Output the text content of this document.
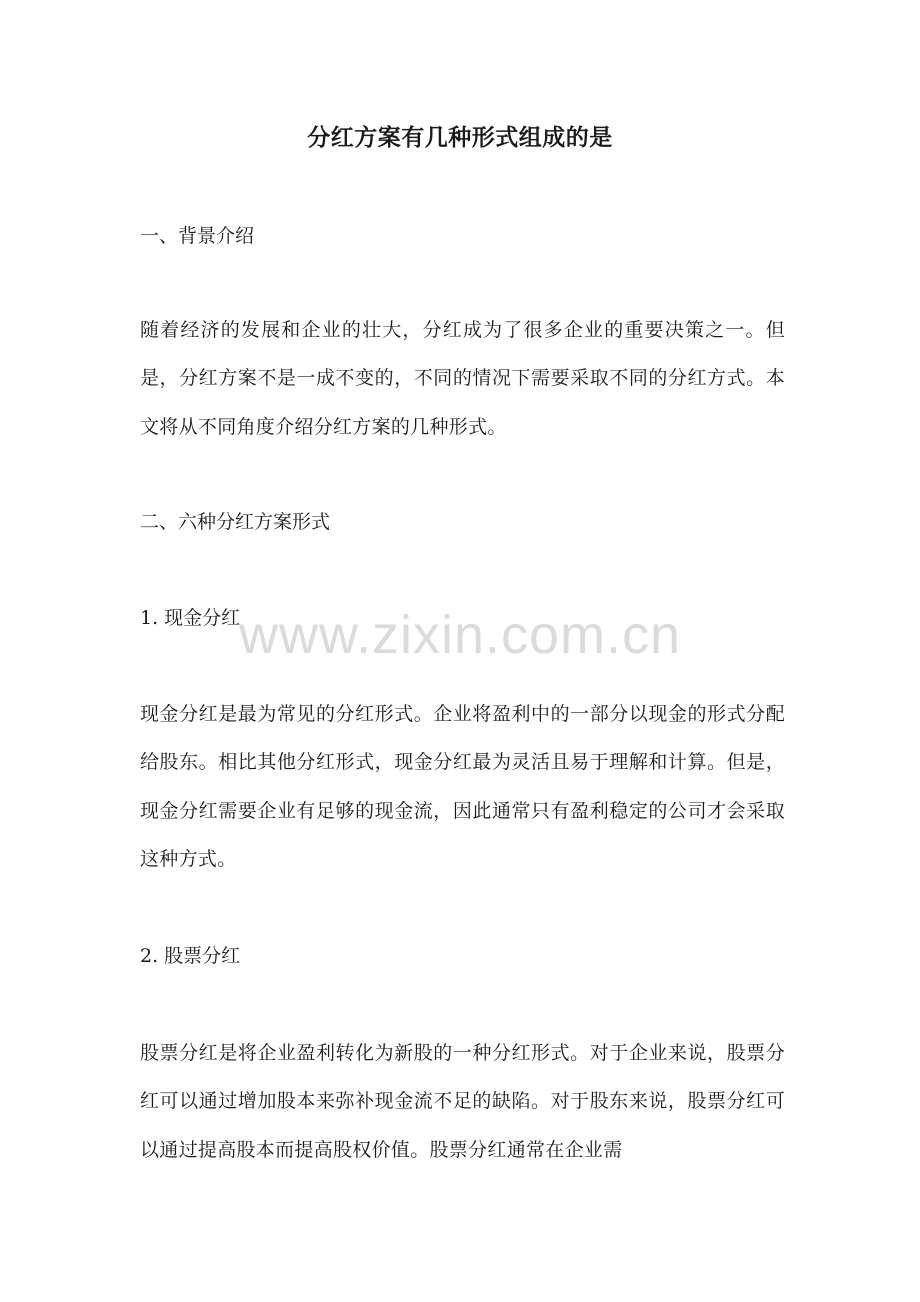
www.zixin.com.cn
分红方案有几种形式组成的是
一、背景介绍
随着经济的发展和企业的壮大，分红成为了很多企业的重要决策之一。但是，分红方案不是一成不变的，不同的情况下需要采取不同的分红方式。本文将从不同角度介绍分红方案的几种形式。
二、六种分红方案形式
1. 现金分红
现金分红是最为常见的分红形式。企业将盈利中的一部分以现金的形式分配给股东。相比其他分红形式，现金分红最为灵活且易于理解和计算。但是，现金分红需要企业有足够的现金流，因此通常只有盈利稳定的公司才会采取这种方式。
2. 股票分红
股票分红是将企业盈利转化为新股的一种分红形式。对于企业来说，股票分红可以通过增加股本来弥补现金流不足的缺陷。对于股东来说，股票分红可以通过提高股本而提高股权价值。股票分红通常在企业需
